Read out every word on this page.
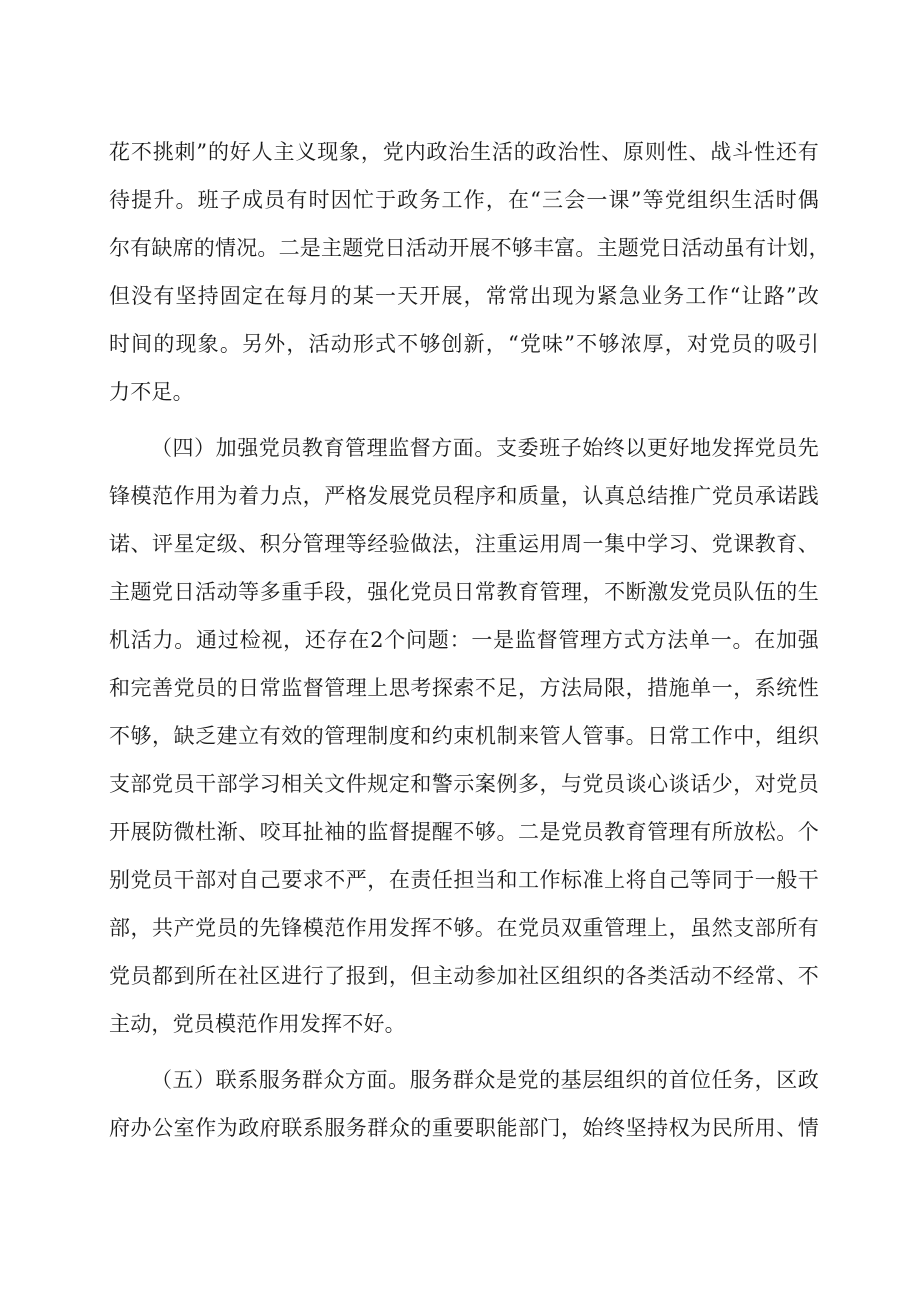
花不挑刺”的好人主义现象，党内政治生活的政治性、原则性、战斗性还有
待提升。班子成员有时因忙于政务工作，在“三会一课”等党组织生活时偶
尔有缺席的情况。二是主题党日活动开展不够丰富。主题党日活动虽有计划，
但没有坚持固定在每月的某一天开展，常常出现为紧急业务工作“让路”改
时间的现象。另外，活动形式不够创新，“党味”不够浓厚，对党员的吸引
力不足。
（四）加强党员教育管理监督方面。支委班子始终以更好地发挥党员先
锋模范作用为着力点，严格发展党员程序和质量，认真总结推广党员承诺践
诺、评星定级、积分管理等经验做法，注重运用周一集中学习、党课教育、
主题党日活动等多重手段，强化党员日常教育管理，不断激发党员队伍的生
机活力。通过检视，还存在2个问题：一是监督管理方式方法单一。在加强
和完善党员的日常监督管理上思考探索不足，方法局限，措施单一，系统性
不够，缺乏建立有效的管理制度和约束机制来管人管事。日常工作中，组织
支部党员干部学习相关文件规定和警示案例多，与党员谈心谈话少，对党员
开展防微杜渐、咬耳扯袖的监督提醒不够。二是党员教育管理有所放松。个
别党员干部对自己要求不严，在责任担当和工作标准上将自己等同于一般干
部，共产党员的先锋模范作用发挥不够。在党员双重管理上，虽然支部所有
党员都到所在社区进行了报到，但主动参加社区组织的各类活动不经常、不
主动，党员模范作用发挥不好。
（五）联系服务群众方面。服务群众是党的基层组织的首位任务，区政
府办公室作为政府联系服务群众的重要职能部门，始终坚持权为民所用、情
